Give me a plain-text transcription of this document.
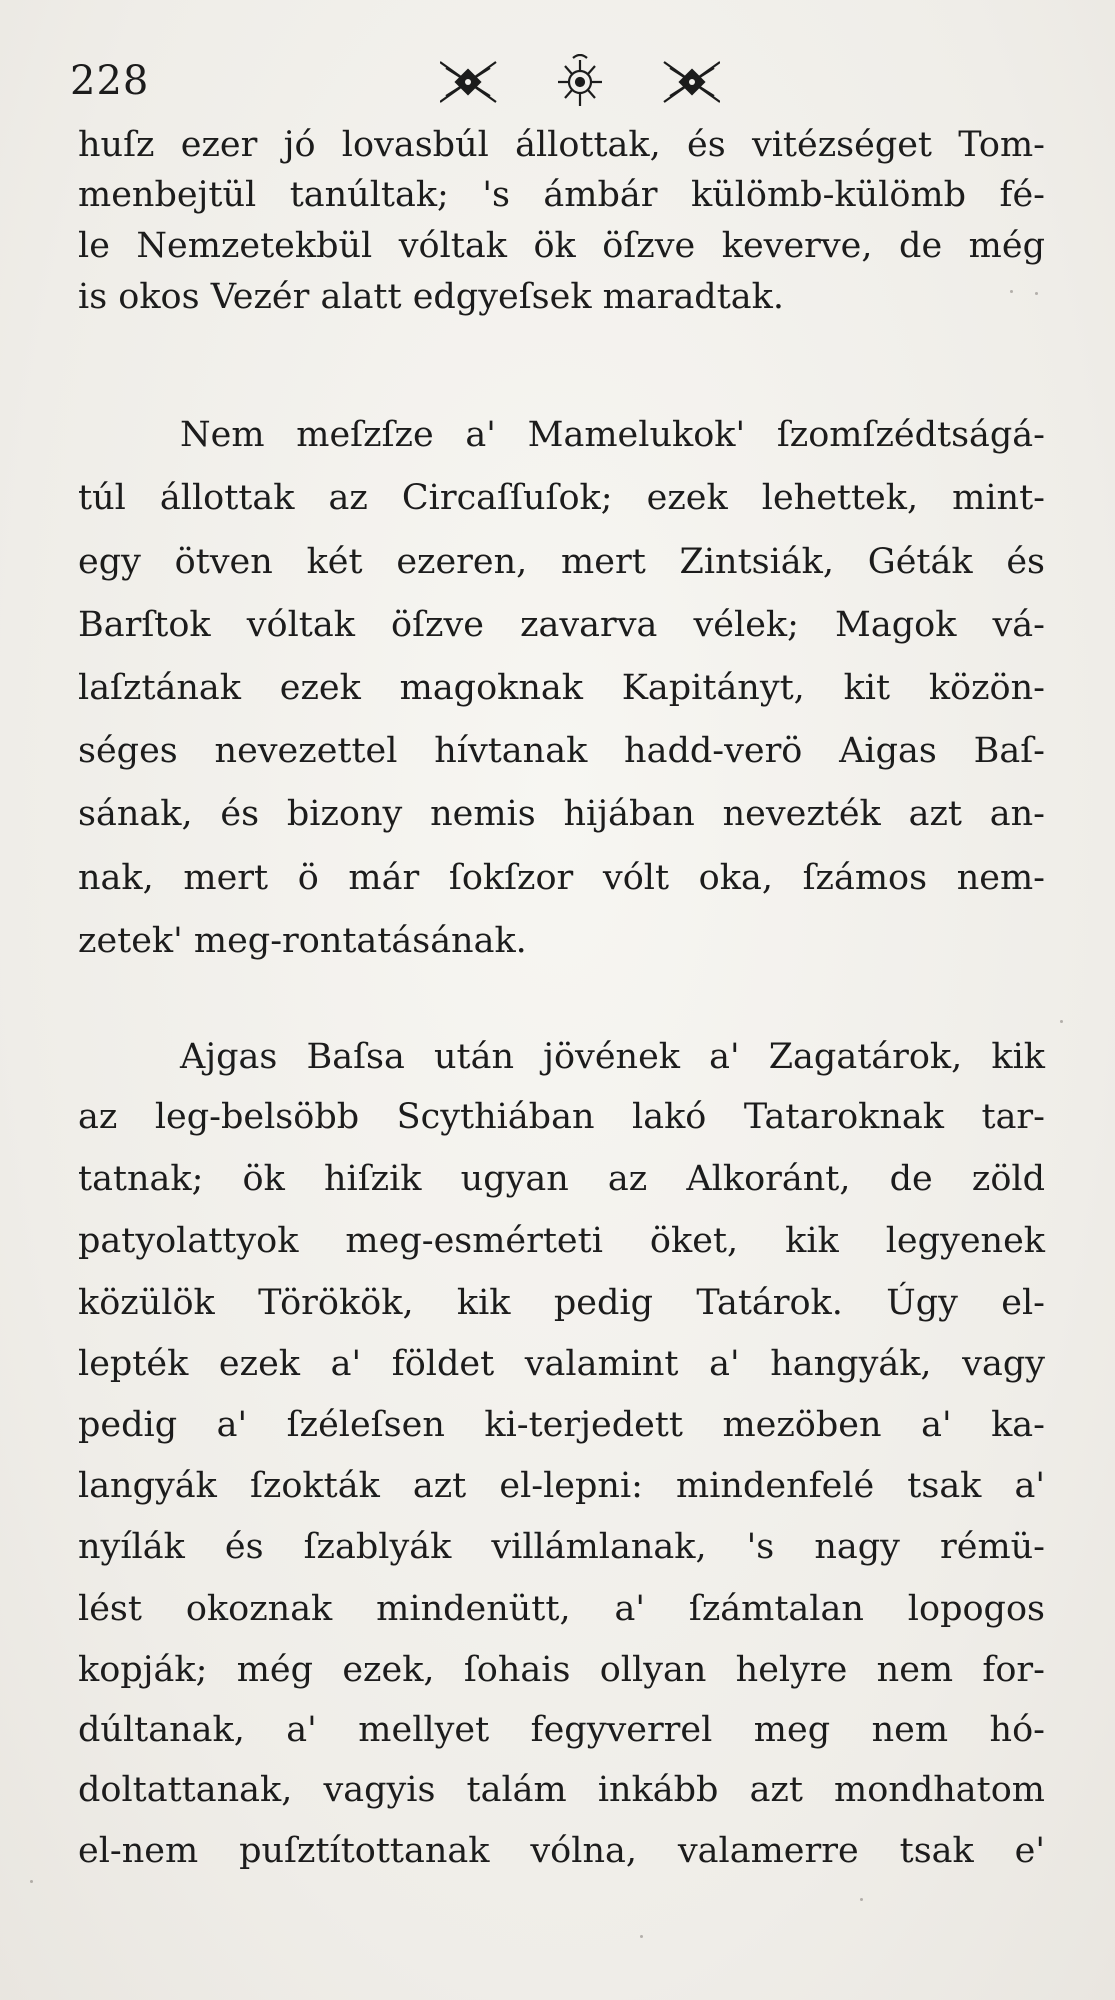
228
huſz ezer jó lovasbúl állottak, és vitézséget Tom-
menbejtül tanúltak; 's ámbár külömb-külömb fé-
le Nemzetekbül vóltak ök öſzve keverve, de még
is okos Vezér alatt edgyeſsek maradtak.
Nem meſzſze a' Mamelukok' ſzomſzédtságá-
túl állottak az Circaſſuſok; ezek lehettek, mint-
egy ötven két ezeren, mert Zintsiák, Géták és
Barſtok vóltak öſzve zavarva vélek; Magok vá-
laſztának ezek magoknak Kapitányt, kit közön-
séges nevezettel hívtanak hadd-verö Aigas Baſ-
sának, és bizony nemis hijában nevezték azt an-
nak, mert ö már ſokſzor vólt oka, ſzámos nem-
zetek' meg-rontatásának.
Ajgas Baſsa után jövének a' Zagatárok, kik
az leg-belsöbb Scythiában lakó Tataroknak tar-
tatnak; ök hiſzik ugyan az Alkoránt, de zöld
patyolattyok meg-esmérteti öket, kik legyenek
közülök Törökök, kik pedig Tatárok. Úgy el-
lepték ezek a' földet valamint a' hangyák, vagy
pedig a' ſzéleſsen ki-terjedett mezöben a' ka-
langyák ſzokták azt el-lepni: mindenfelé tsak a'
nyílák és ſzablyák villámlanak, 's nagy rémü-
lést okoznak mindenütt, a' ſzámtalan lopogos
kopják; még ezek, ſohais ollyan helyre nem for-
dúltanak, a' mellyet fegyverrel meg nem hó-
doltattanak, vagyis talám inkább azt mondhatom
el-nem puſztítottanak vólna, valamerre tsak e'
